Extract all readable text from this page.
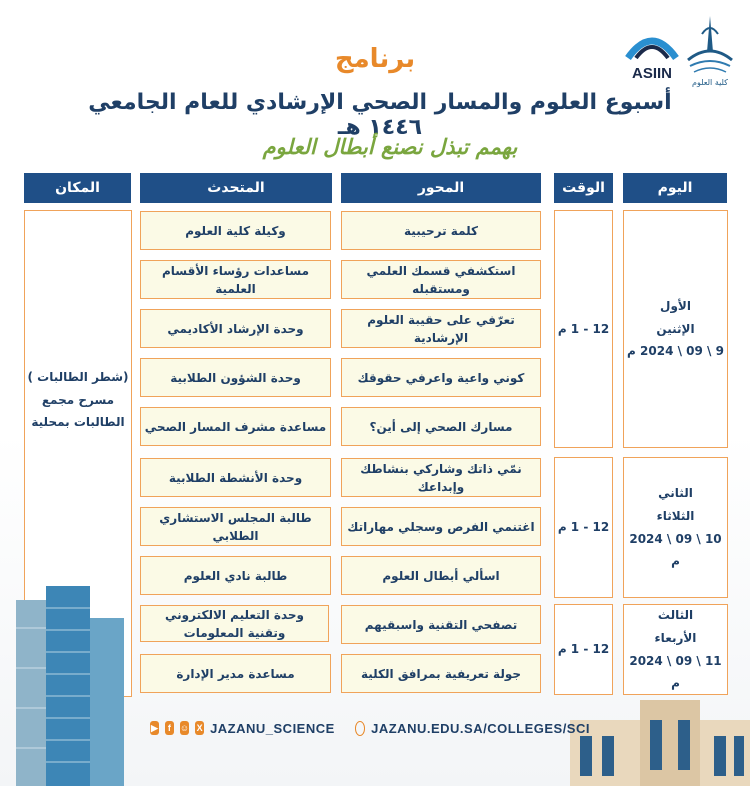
كلية العلوم
ASIIN
برنامج
أسبوع العلوم والمسار الصحي الإرشادي للعام الجامعي ١٤٤٦ هـ
بهمم تبذل نصنع أبطال العلوم
اليوم
الوقت
المحور
المتحدث
المكان
(شطر الطالبات )
مسرح مجمع
الطالبات بمحلية
الأول
الإثنين
9 \ 09 \ 2024 م
12 - 1 م
الثاني
الثلاثاء
10 \ 09 \ 2024 م
12 - 1 م
الثالث
الأربعاء
11 \ 09 \ 2024 م
12 - 1 م
كلمة ترحيبية
استكشفي قسمك العلمي ومستقبله
تعرّفي على حقيبة العلوم الإرشادية
كوني واعية واعرفي حقوقك
مسارك الصحي إلى أين؟
نمّي ذاتك وشاركي بنشاطك وإبداعك
اغتنمي الفرص وسجلي مهاراتك
اسألي أبطال العلوم
تصفحي التقنية واسبقيهم
جولة تعريفية بمرافق الكلية
وكيلة كلية العلوم
مساعدات رؤساء الأقسام العلمية
وحدة الإرشاد الأكاديمي
وحدة الشؤون الطلابية
مساعدة مشرف المسار الصحي
وحدة الأنشطة الطلابية
طالبة المجلس الاستشاري الطلابي
طالبة نادي العلوم
وحدة التعليم الالكتروني وتقنية المعلومات
مساعدة مدير الإدارة
▶	f ☺ X JAZANU_SCIENCE	JAZANU.EDU.SA/COLLEGES/SCI
